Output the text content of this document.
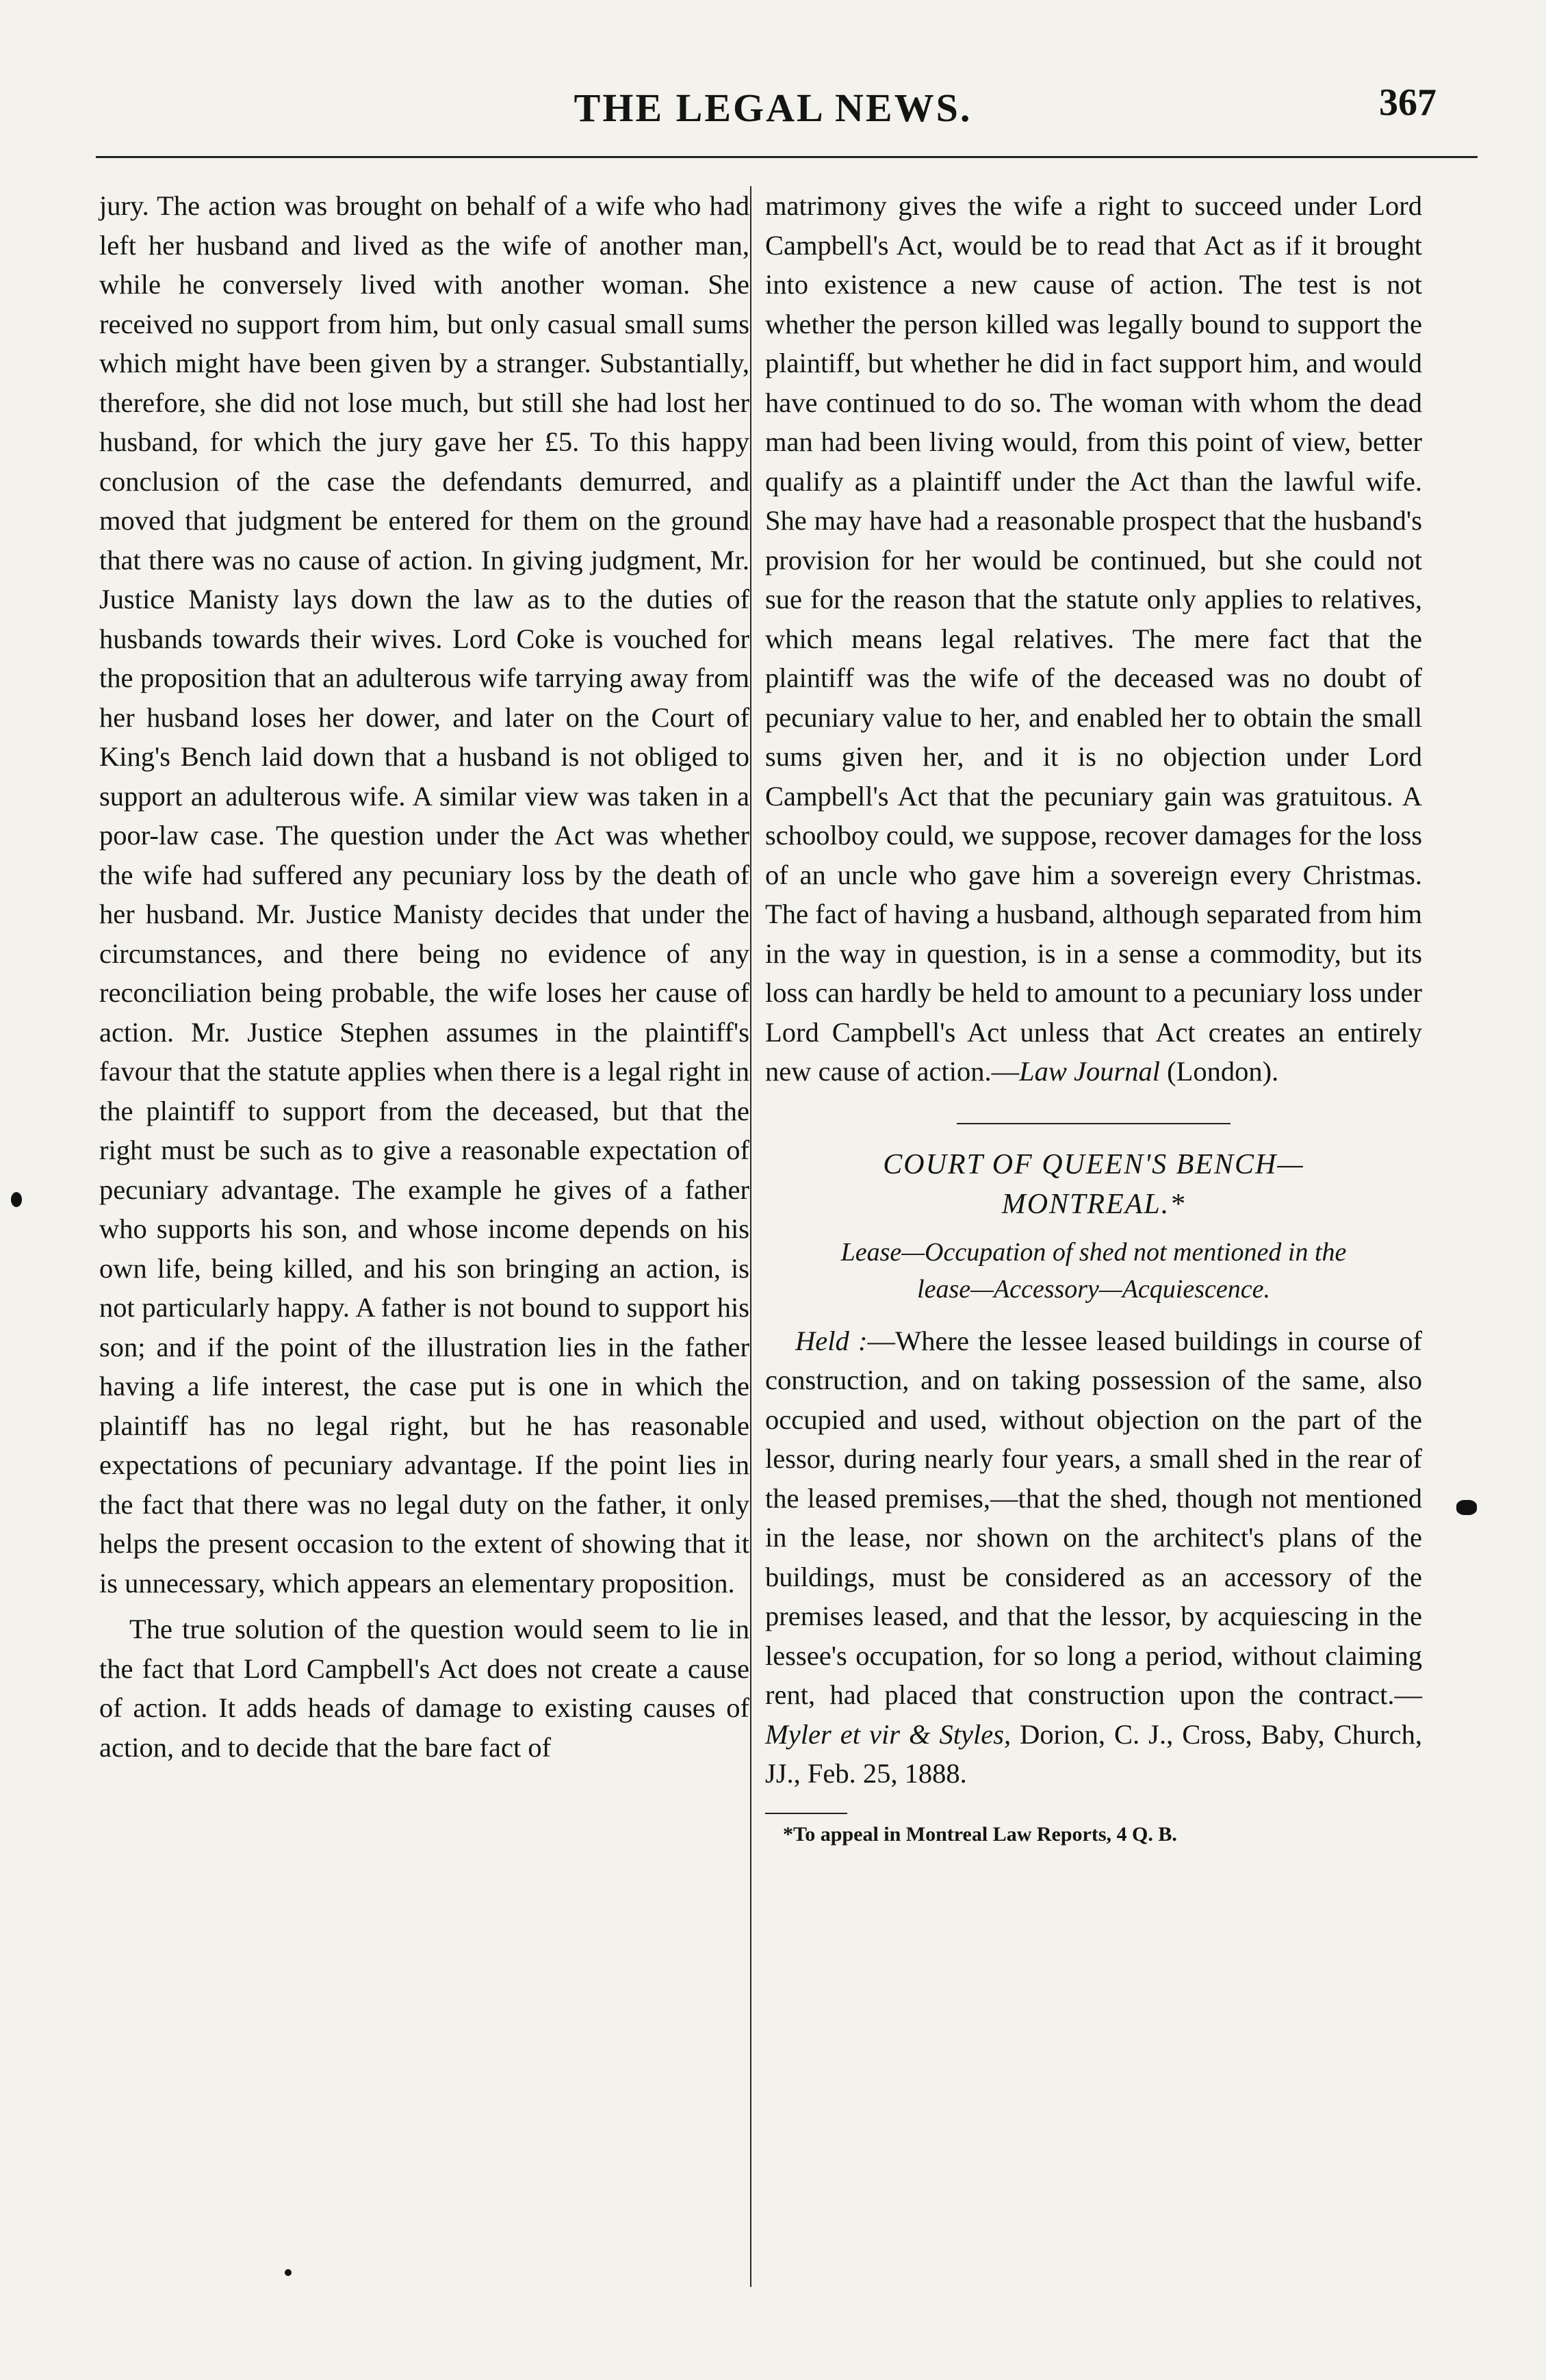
THE LEGAL NEWS.	367

jury. The action was brought on behalf of a wife who had left her husband and lived as the wife of another man, while he conversely lived with another woman. She received no support from him, but only casual small sums which might have been given by a stranger. Substantially, therefore, she did not lose much, but still she had lost her husband, for which the jury gave her £5. To this happy conclusion of the case the defendants demurred, and moved that judgment be entered for them on the ground that there was no cause of action. In giving judgment, Mr. Justice Manisty lays down the law as to the duties of husbands towards their wives. Lord Coke is vouched for the proposition that an adulterous wife tarrying away from her husband loses her dower, and later on the Court of King's Bench laid down that a husband is not obliged to support an adulterous wife. A similar view was taken in a poor-law case. The question under the Act was whether the wife had suffered any pecuniary loss by the death of her husband. Mr. Justice Manisty decides that under the circumstances, and there being no evidence of any reconciliation being probable, the wife loses her cause of action. Mr. Justice Stephen assumes in the plaintiff's favour that the statute applies when there is a legal right in the plaintiff to support from the deceased, but that the right must be such as to give a reasonable expectation of pecuniary advantage. The example he gives of a father who supports his son, and whose income depends on his own life, being killed, and his son bringing an action, is not particularly happy. A father is not bound to support his son; and if the point of the illustration lies in the father having a life interest, the case put is one in which the plaintiff has no legal right, but he has reasonable expectations of pecuniary advantage. If the point lies in the fact that there was no legal duty on the father, it only helps the present occasion to the extent of showing that it is unnecessary, which appears an elementary proposition.

The true solution of the question would seem to lie in the fact that Lord Campbell's Act does not create a cause of action. It adds heads of damage to existing causes of action, and to decide that the bare fact of

matrimony gives the wife a right to succeed under Lord Campbell's Act, would be to read that Act as if it brought into existence a new cause of action. The test is not whether the person killed was legally bound to support the plaintiff, but whether he did in fact support him, and would have continued to do so. The woman with whom the dead man had been living would, from this point of view, better qualify as a plaintiff under the Act than the lawful wife. She may have had a reasonable prospect that the husband's provision for her would be continued, but she could not sue for the reason that the statute only applies to relatives, which means legal relatives. The mere fact that the plaintiff was the wife of the deceased was no doubt of pecuniary value to her, and enabled her to obtain the small sums given her, and it is no objection under Lord Campbell's Act that the pecuniary gain was gratuitous. A schoolboy could, we suppose, recover damages for the loss of an uncle who gave him a sovereign every Christmas. The fact of having a husband, although separated from him in the way in question, is in a sense a commodity, but its loss can hardly be held to amount to a pecuniary loss under Lord Campbell's Act unless that Act creates an entirely new cause of action.—Law Journal (London).

COURT OF QUEEN'S BENCH—
MONTREAL.*
Lease—Occupation of shed not mentioned in the
lease—Accessory—Acquiescence.

Held :—Where the lessee leased buildings in course of construction, and on taking possession of the same, also occupied and used, without objection on the part of the lessor, during nearly four years, a small shed in the rear of the leased premises,—that the shed, though not mentioned in the lease, nor shown on the architect's plans of the buildings, must be considered as an accessory of the premises leased, and that the lessor, by acquiescing in the lessee's occupation, for so long a period, without claiming rent, had placed that construction upon the contract.—Myler et vir & Styles, Dorion, C. J., Cross, Baby, Church, JJ., Feb. 25, 1888.

*To appeal in Montreal Law Reports, 4 Q. B.
